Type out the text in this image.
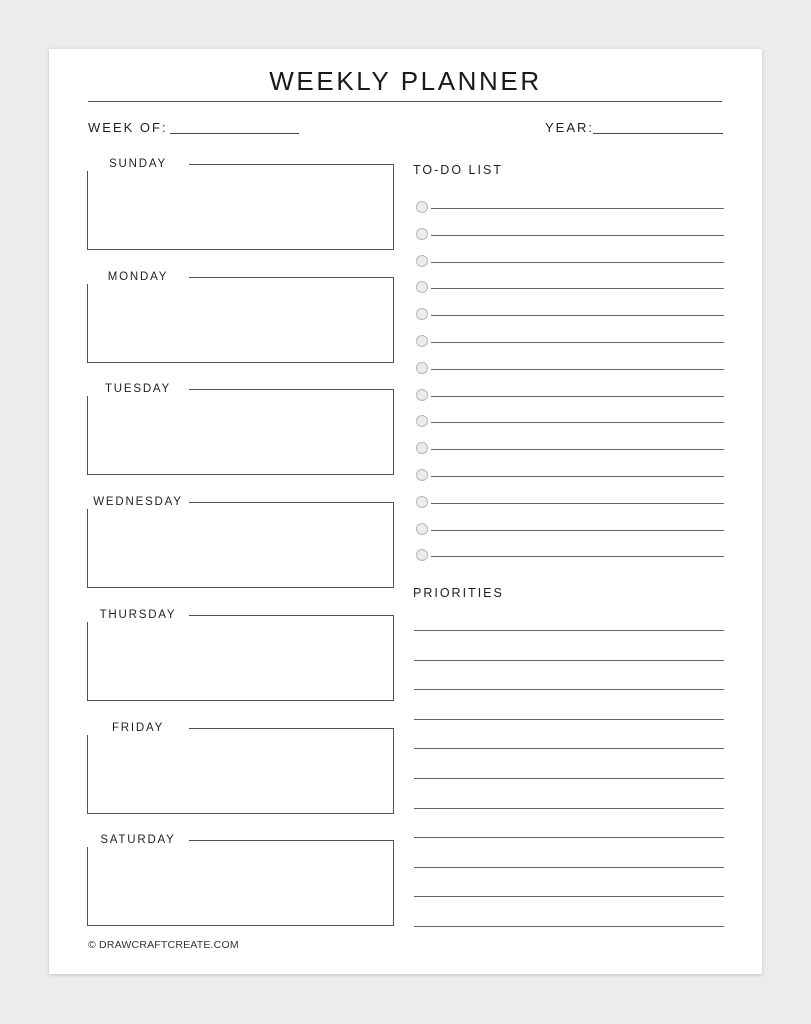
WEEKLY PLANNER
WEEK OF:	YEAR:
SUNDAY
MONDAY
TUESDAY
WEDNESDAY
THURSDAY
FRIDAY
SATURDAY
TO-DO LIST
PRIORITIES
© DRAWCRAFTCREATE.COM
